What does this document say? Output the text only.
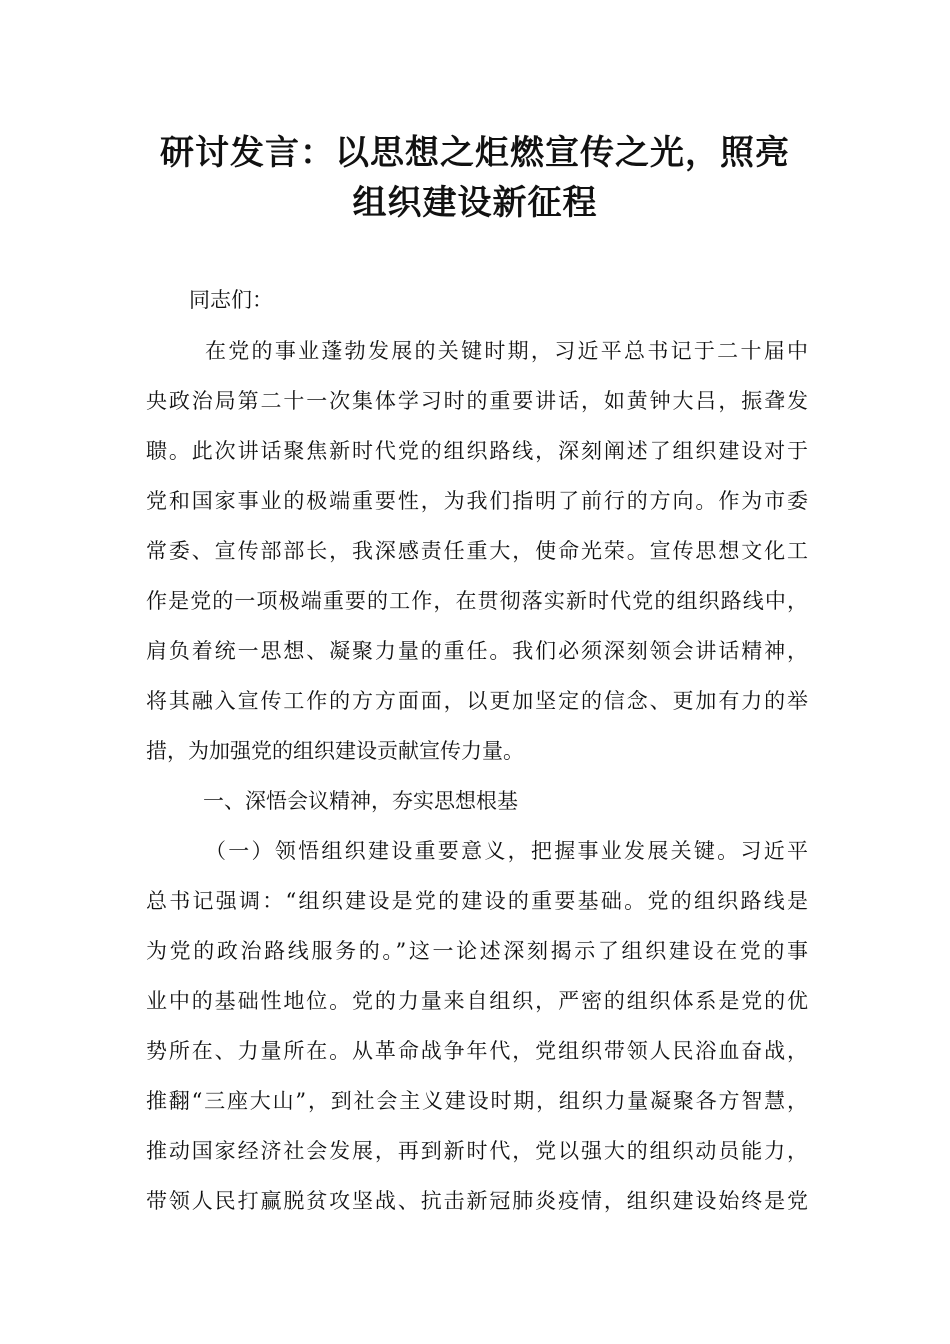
研讨发言：以思想之炬燃宣传之光，照亮
组织建设新征程

同志们：

在党的事业蓬勃发展的关键时期，习近平总书记于二十届中

央政治局第二十一次集体学习时的重要讲话，如黄钟大吕，振聋发

聩。此次讲话聚焦新时代党的组织路线，深刻阐述了组织建设对于

党和国家事业的极端重要性，为我们指明了前行的方向。作为市委

常委、宣传部部长，我深感责任重大，使命光荣。宣传思想文化工

作是党的一项极端重要的工作，在贯彻落实新时代党的组织路线中，

肩负着统一思想、凝聚力量的重任。我们必须深刻领会讲话精神，

将其融入宣传工作的方方面面，以更加坚定的信念、更加有力的举

措，为加强党的组织建设贡献宣传力量。

一、深悟会议精神，夯实思想根基

（一）领悟组织建设重要意义，把握事业发展关键。习近平

总书记强调：“组织建设是党的建设的重要基础。党的组织路线是

为党的政治路线服务的。”这一论述深刻揭示了组织建设在党的事

业中的基础性地位。党的力量来自组织，严密的组织体系是党的优

势所在、力量所在。从革命战争年代，党组织带领人民浴血奋战，

推翻“三座大山”，到社会主义建设时期，组织力量凝聚各方智慧，

推动国家经济社会发展，再到新时代，党以强大的组织动员能力，

带领人民打赢脱贫攻坚战、抗击新冠肺炎疫情，组织建设始终是党
